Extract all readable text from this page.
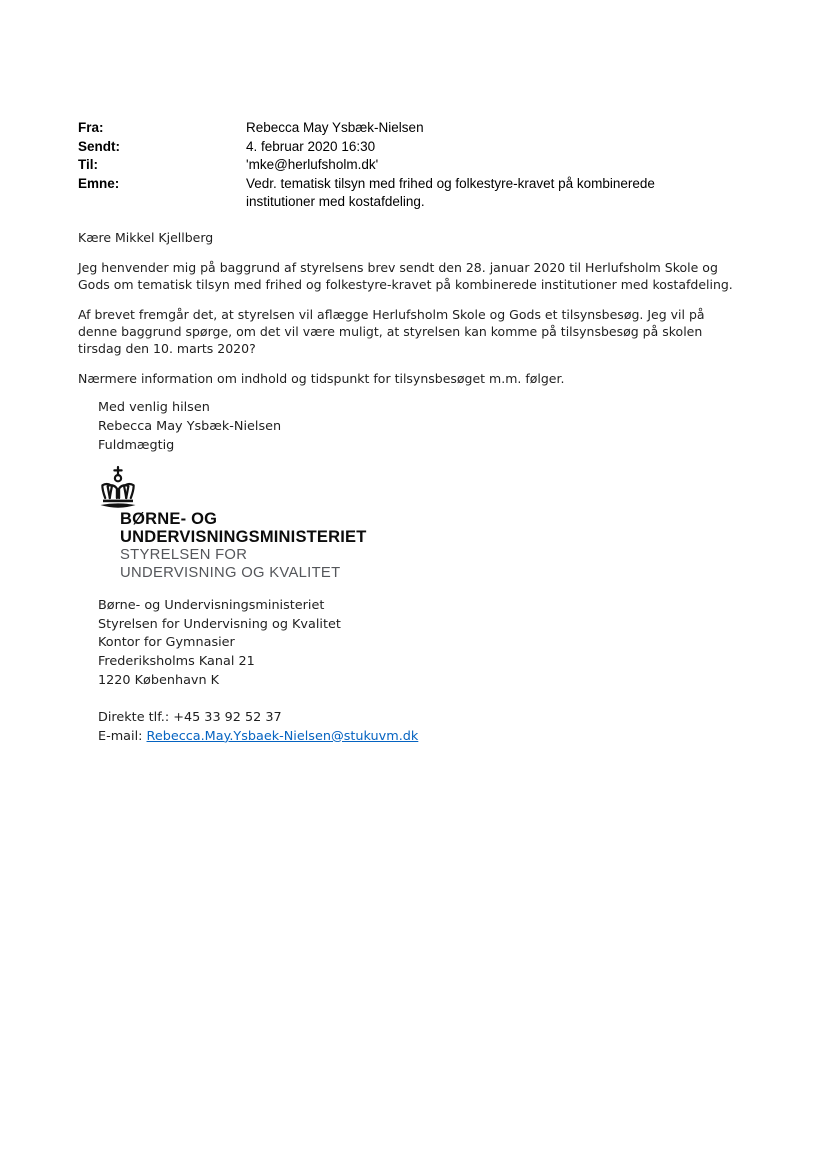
Fra:	Rebecca May Ysbæk-Nielsen
Sendt:	4. februar 2020 16:30
Til:	'mke@herlufsholm.dk'
Emne:	Vedr. tematisk tilsyn med frihed og folkestyre-kravet på kombinerede institutioner med kostafdeling.
Kære Mikkel Kjellberg
Jeg henvender mig på baggrund af styrelsens brev sendt den 28. januar 2020 til Herlufsholm Skole og
Gods om tematisk tilsyn med frihed og folkestyre-kravet på kombinerede institutioner med kostafdeling.
Af brevet fremgår det, at styrelsen vil aflægge Herlufsholm Skole og Gods et tilsynsbesøg. Jeg vil på
denne baggrund spørge, om det vil være muligt, at styrelsen kan komme på tilsynsbesøg på skolen
tirsdag den 10. marts 2020?
Nærmere information om indhold og tidspunkt for tilsynsbesøget m.m. følger.
Med venlig hilsen
Rebecca May Ysbæk-Nielsen
Fuldmægtig
BØRNE- OG
UNDERVISNINGSMINISTERIET
STYRELSEN FOR
UNDERVISNING OG KVALITET
Børne- og Undervisningsministeriet
Styrelsen for Undervisning og Kvalitet
Kontor for Gymnasier
Frederiksholms Kanal 21
1220 København K
Direkte tlf.: +45 33 92 52 37
E-mail: Rebecca.May.Ysbaek-Nielsen@stukuvm.dk
